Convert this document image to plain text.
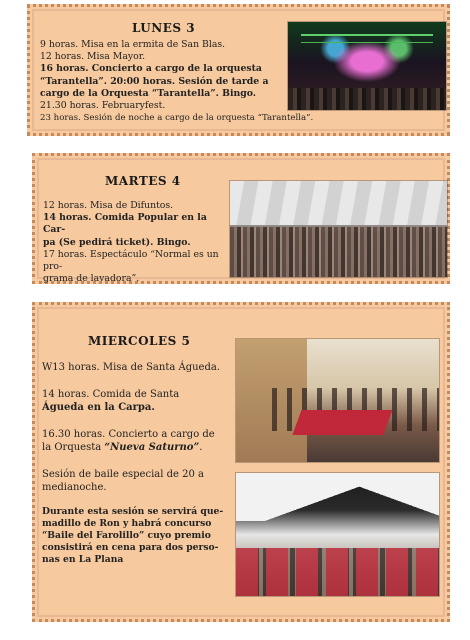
LUNES 3

9 horas. Misa en la ermita de San Blas.

12 horas. Misa Mayor.

16 horas. Concierto a cargo de la orquesta

“Tarantella”. 20:00 horas. Sesión de tarde a

cargo de la Orquesta “Tarantella”. Bingo.

21.30 horas. Februaryfest.

23 horas. Sesión de noche a cargo de la orquesta “Tarantella”.

MARTES 4

12 horas. Misa de Difuntos.

14 horas. Comida Popular en la Car-

pa (Se pedirá ticket). Bingo.

17 horas. Espectáculo “Normal es un pro-

grama de lavadora”.

MIERCOLES 5

W13 horas. Misa de Santa Águeda.

14 horas. Comida de Santa
Águeda en la Carpa.

16.30 horas. Concierto a cargo de
la Orquesta “Nueva Saturno”.

Sesión de baile especial de 20 a
medianoche.

Durante esta sesión se servirá que-
madillo de Ron y habrá concurso
“Baile del Farolillo” cuyo premio
consistirá en cena para dos perso-
nas en La Plana
